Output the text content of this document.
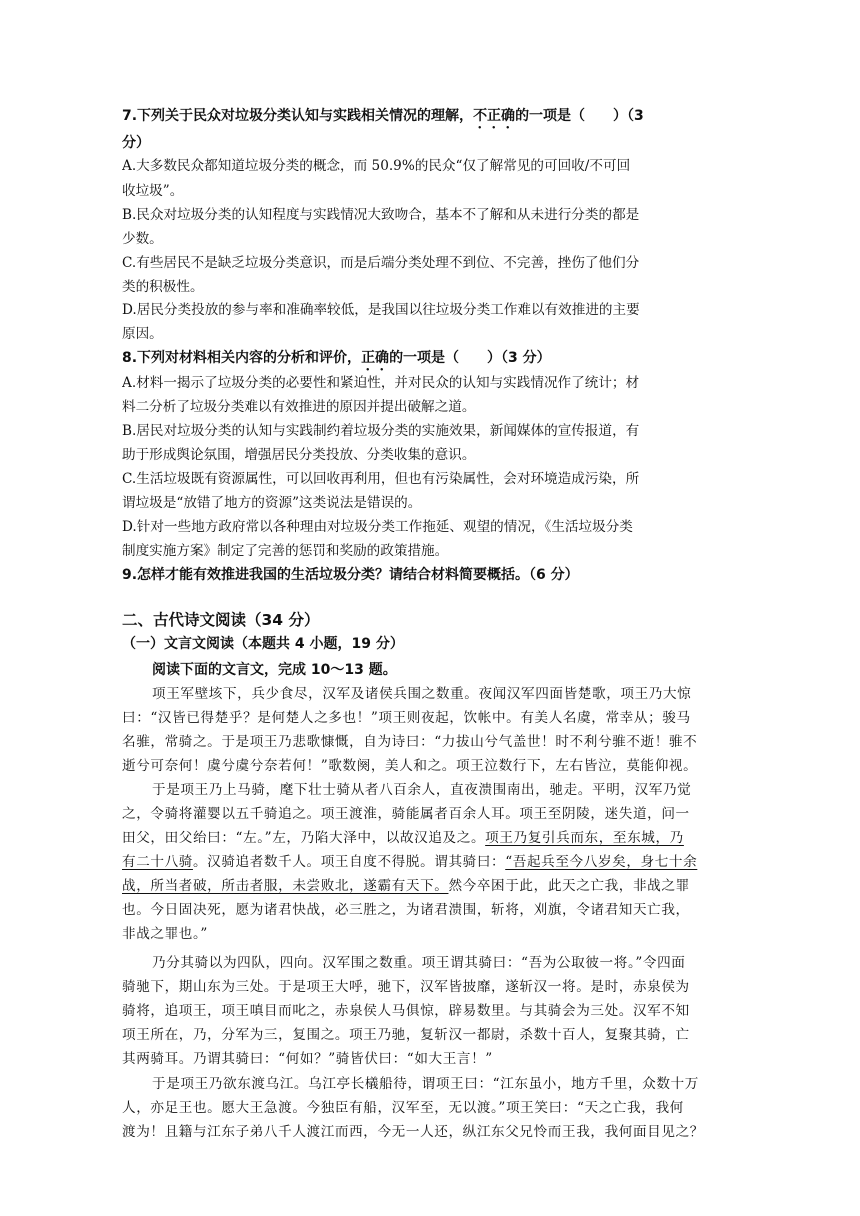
7.下列关于民众对垃圾分类认知与实践相关情况的理解，不正确的一项是（　　）（3
分）
A.大多数民众都知道垃圾分类的概念，而 50.9%的民众“仅了解常见的可回收/不可回
收垃圾”。
B.民众对垃圾分类的认知程度与实践情况大致吻合，基本不了解和从未进行分类的都是
少数。
C.有些居民不是缺乏垃圾分类意识，而是后端分类处理不到位、不完善，挫伤了他们分
类的积极性。
D.居民分类投放的参与率和准确率较低，是我国以往垃圾分类工作难以有效推进的主要
原因。
8.下列对材料相关内容的分析和评价，正确的一项是（　　）（3 分）
A.材料一揭示了垃圾分类的必要性和紧迫性，并对民众的认知与实践情况作了统计；材
料二分析了垃圾分类难以有效推进的原因并提出破解之道。
B.居民对垃圾分类的认知与实践制约着垃圾分类的实施效果，新闻媒体的宣传报道，有
助于形成舆论氛围，增强居民分类投放、分类收集的意识。
C.生活垃圾既有资源属性，可以回收再利用，但也有污染属性，会对环境造成污染，所
谓垃圾是“放错了地方的资源”这类说法是错误的。
D.针对一些地方政府常以各种理由对垃圾分类工作拖延、观望的情况，《生活垃圾分类
制度实施方案》制定了完善的惩罚和奖励的政策措施。
9.怎样才能有效推进我国的生活垃圾分类？请结合材料简要概括。（6 分）
二、古代诗文阅读（34 分）
（一）文言文阅读（本题共 4 小题，19 分）
阅读下面的文言文，完成 10～13 题。
项王军壁垓下，兵少食尽，汉军及诸侯兵围之数重。夜闻汉军四面皆楚歌，项王乃大惊
曰：“汉皆已得楚乎？是何楚人之多也！”项王则夜起，饮帐中。有美人名虞，常幸从；骏马
名骓，常骑之。于是项王乃悲歌慷慨，自为诗曰：“力拔山兮气盖世！时不利兮骓不逝！骓不
逝兮可奈何！虞兮虞兮奈若何！”歌数阕，美人和之。项王泣数行下，左右皆泣，莫能仰视。
于是项王乃上马骑，麾下壮士骑从者八百余人，直夜溃围南出，驰走。平明，汉军乃觉
之，令骑将灌婴以五千骑追之。项王渡淮，骑能属者百余人耳。项王至阴陵，迷失道，问一
田父，田父绐曰：“左。”左，乃陷大泽中，以故汉追及之。项王乃复引兵而东，至东城，乃
有二十八骑。汉骑追者数千人。项王自度不得脱。谓其骑曰：“吾起兵至今八岁矣，身七十余
战，所当者破，所击者服，未尝败北，遂霸有天下。然今卒困于此，此天之亡我，非战之罪
也。今日固决死，愿为诸君快战，必三胜之，为诸君溃围，斩将，刈旗，令诸君知天亡我，
非战之罪也。”
乃分其骑以为四队，四向。汉军围之数重。项王谓其骑曰：“吾为公取彼一将。”令四面
骑驰下，期山东为三处。于是项王大呼，驰下，汉军皆披靡，遂斩汉一将。是时，赤泉侯为
骑将，追项王，项王嗔目而叱之，赤泉侯人马俱惊，辟易数里。与其骑会为三处。汉军不知
项王所在，乃，分军为三，复围之。项王乃驰，复斩汉一都尉，杀数十百人，复聚其骑，亡
其两骑耳。乃谓其骑曰：“何如？”骑皆伏曰：“如大王言！”
于是项王乃欲东渡乌江。乌江亭长檥船待，谓项王曰：“江东虽小，地方千里，众数十万
人，亦足王也。愿大王急渡。今独臣有船，汉军至，无以渡。”项王笑曰：“天之亡我，我何
渡为！且籍与江东子弟八千人渡江而西，今无一人还，纵江东父兄怜而王我，我何面目见之？
